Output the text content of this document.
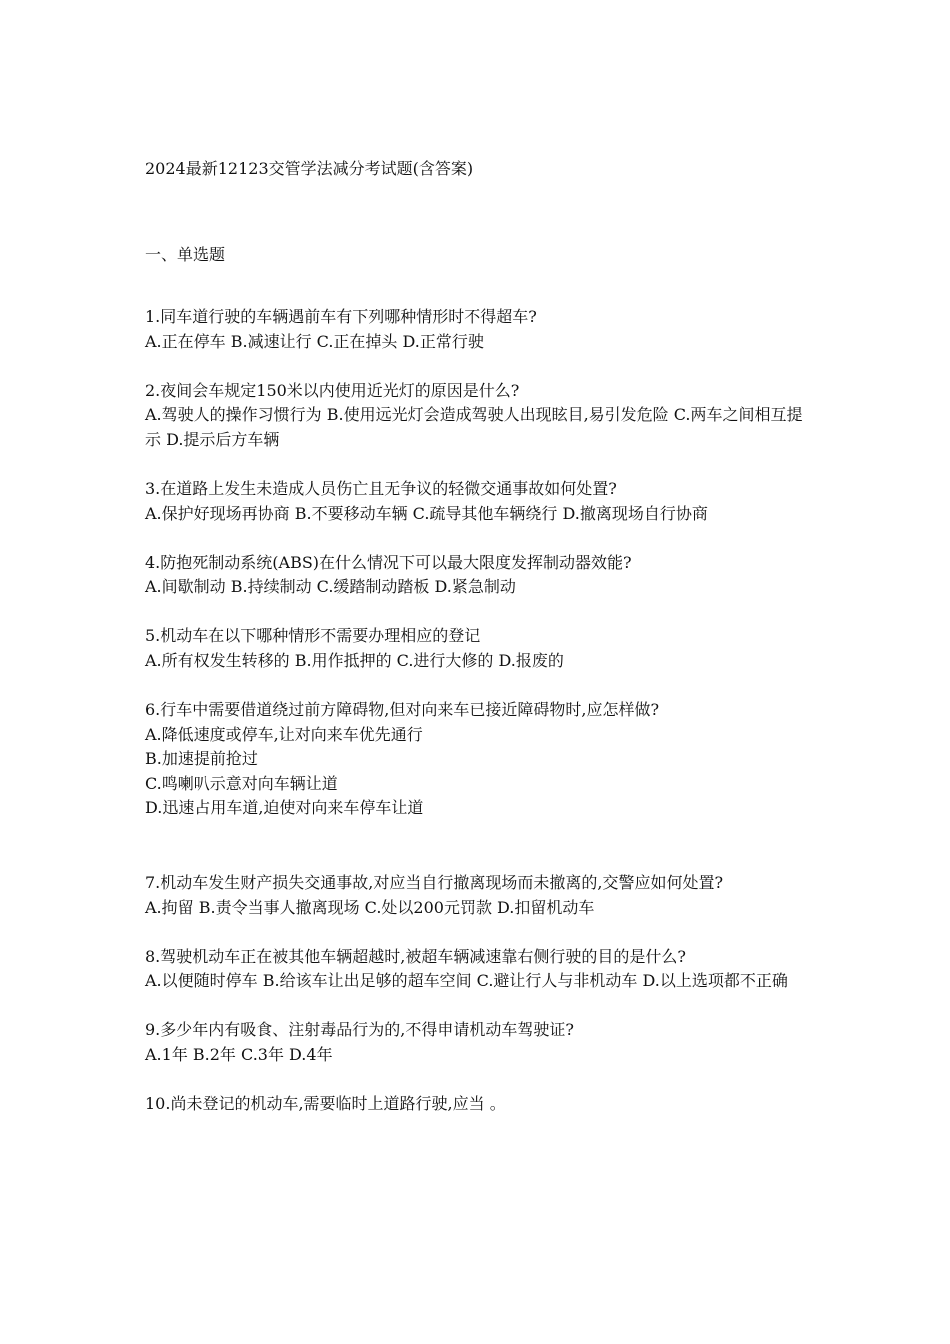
2024最新12123交管学法减分考试题(含答案)
一、单选题
1.同车道行驶的车辆遇前车有下列哪种情形时不得超车?
A.正在停车 B.减速让行 C.正在掉头 D.正常行驶
2.夜间会车规定150米以内使用近光灯的原因是什么?
A.驾驶人的操作习惯行为 B.使用远光灯会造成驾驶人出现眩目,易引发危险 C.两车之间相互提示 D.提示后方车辆
3.在道路上发生未造成人员伤亡且无争议的轻微交通事故如何处置?
A.保护好现场再协商 B.不要移动车辆 C.疏导其他车辆绕行 D.撤离现场自行协商
4.防抱死制动系统(ABS)在什么情况下可以最大限度发挥制动器效能?
A.间歇制动 B.持续制动 C.缓踏制动踏板 D.紧急制动
5.机动车在以下哪种情形不需要办理相应的登记
A.所有权发生转移的 B.用作抵押的 C.进行大修的 D.报废的
6.行车中需要借道绕过前方障碍物,但对向来车已接近障碍物时,应怎样做?
A.降低速度或停车,让对向来车优先通行
B.加速提前抢过
C.鸣喇叭示意对向车辆让道
D.迅速占用车道,迫使对向来车停车让道
7.机动车发生财产损失交通事故,对应当自行撤离现场而未撤离的,交警应如何处置?
A.拘留 B.责令当事人撤离现场 C.处以200元罚款 D.扣留机动车
8.驾驶机动车正在被其他车辆超越时,被超车辆减速靠右侧行驶的目的是什么?
A.以便随时停车 B.给该车让出足够的超车空间 C.避让行人与非机动车 D.以上选项都不正确
9.多少年内有吸食、注射毒品行为的,不得申请机动车驾驶证?
A.1年 B.2年 C.3年 D.4年
10.尚未登记的机动车,需要临时上道路行驶,应当 。
